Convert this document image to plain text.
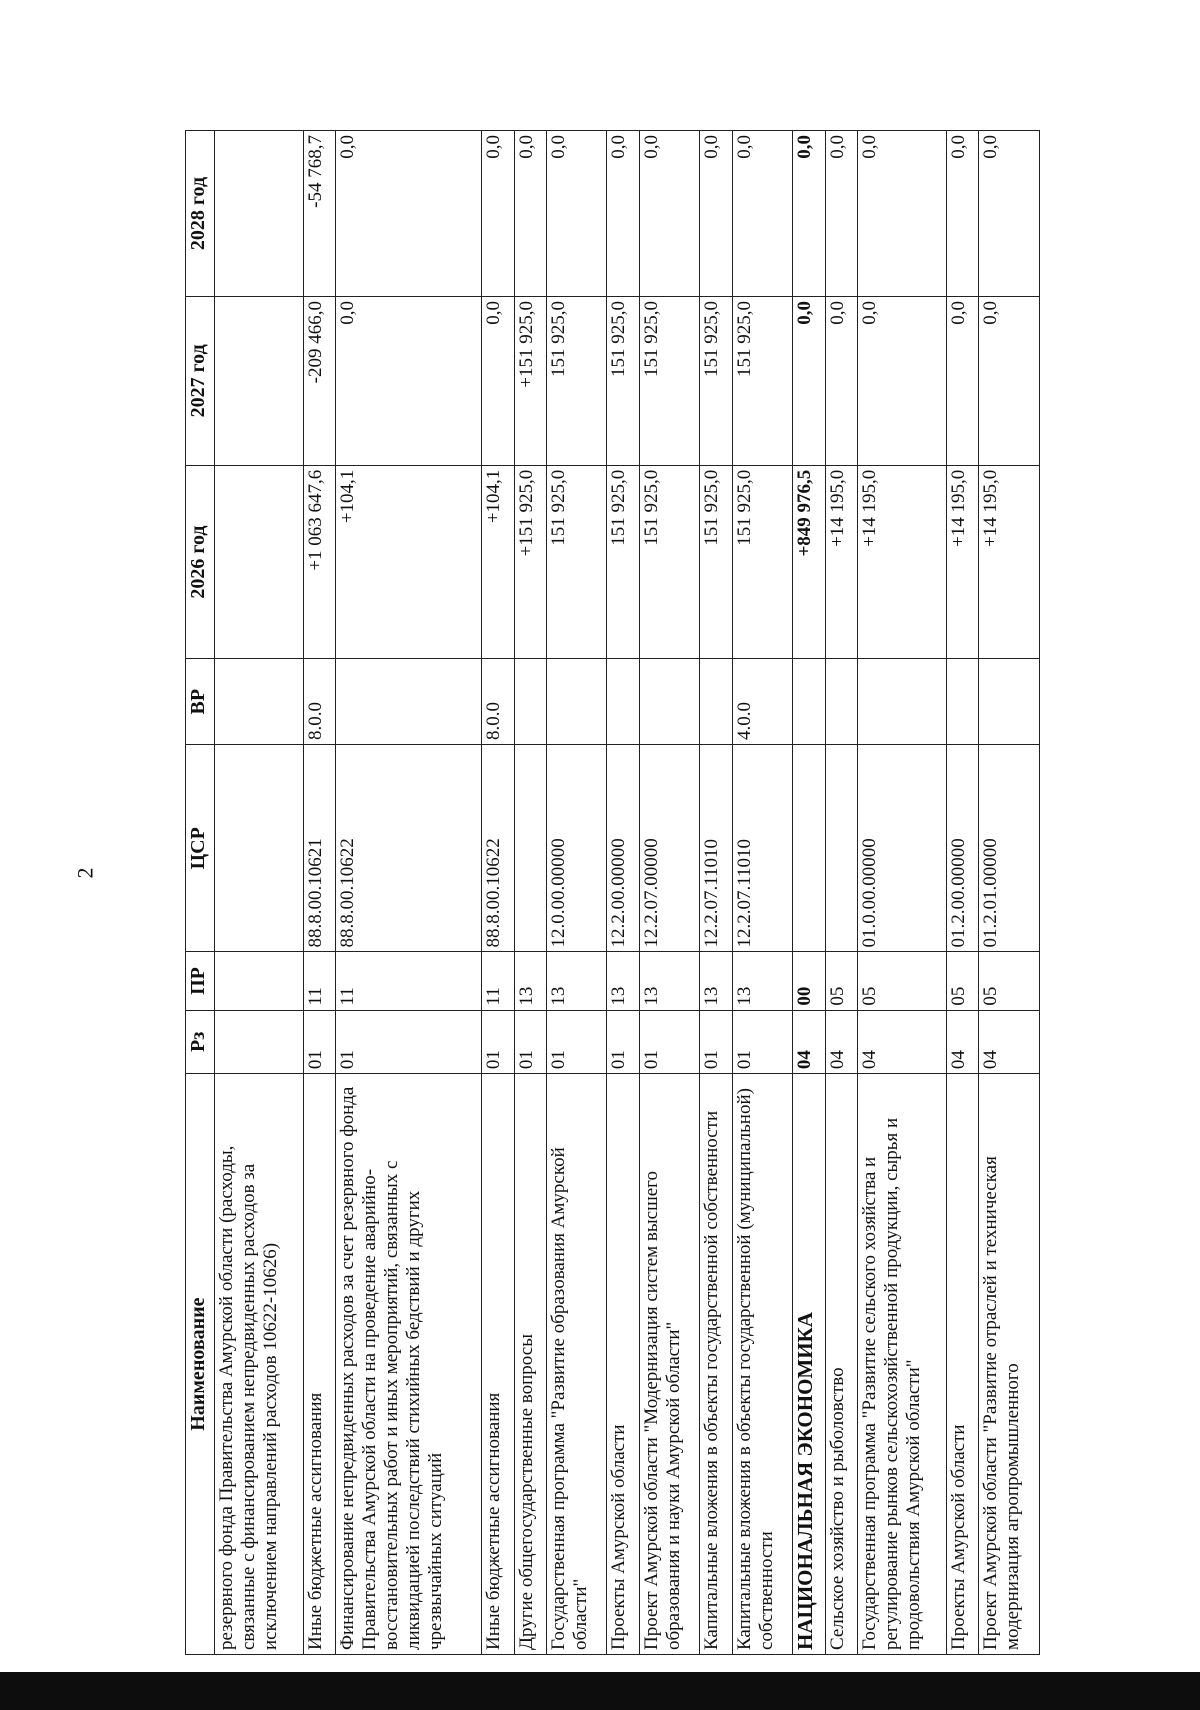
2
Наименование	Рз	ПР	ЦСР	ВР	2026 год	2027 год	2028 год
резервного фонда Правительства Амурской области (расходы, связанные с финансированием непредвиденных расходов за исключением направлений расходов 10622-10626)							
Иные бюджетные ассигнования	01	11	88.8.00.10621	8.0.0	+1 063 647,6	-209 466,0	-54 768,7
Финансирование непредвиденных расходов за счет резервного фонда Правительства Амурской области на проведение аварийно-восстановительных работ и иных мероприятий, связанных с ликвидацией последствий стихийных бедствий и других чрезвычайных ситуаций	01	11	88.8.00.10622		+104,1	0,0	0,0
Иные бюджетные ассигнования	01	11	88.8.00.10622	8.0.0	+104,1	0,0	0,0
Другие общегосударственные вопросы	01	13			+151 925,0	+151 925,0	0,0
Государственная программа "Развитие образования Амурской области"	01	13	12.0.00.00000		151 925,0	151 925,0	0,0
Проекты Амурской области	01	13	12.2.00.00000		151 925,0	151 925,0	0,0
Проект Амурской области "Модернизация систем высшего образования и науки Амурской области"	01	13	12.2.07.00000		151 925,0	151 925,0	0,0
Капитальные вложения в объекты государственной собственности	01	13	12.2.07.11010		151 925,0	151 925,0	0,0
Капитальные вложения в объекты государственной (муниципальной) собственности	01	13	12.2.07.11010	4.0.0	151 925,0	151 925,0	0,0
НАЦИОНАЛЬНАЯ ЭКОНОМИКА	04	00			+849 976,5	0,0	0,0
Сельское хозяйство и рыболовство	04	05			+14 195,0	0,0	0,0
Государственная программа "Развитие сельского хозяйства и регулирование рынков сельскохозяйственной продукции, сырья и продовольствия Амурской области"	04	05	01.0.00.00000		+14 195,0	0,0	0,0
Проекты Амурской области	04	05	01.2.00.00000		+14 195,0	0,0	0,0
Проект Амурской области "Развитие отраслей и техническая модернизация агропромышленного	04	05	01.2.01.00000		+14 195,0	0,0	0,0
